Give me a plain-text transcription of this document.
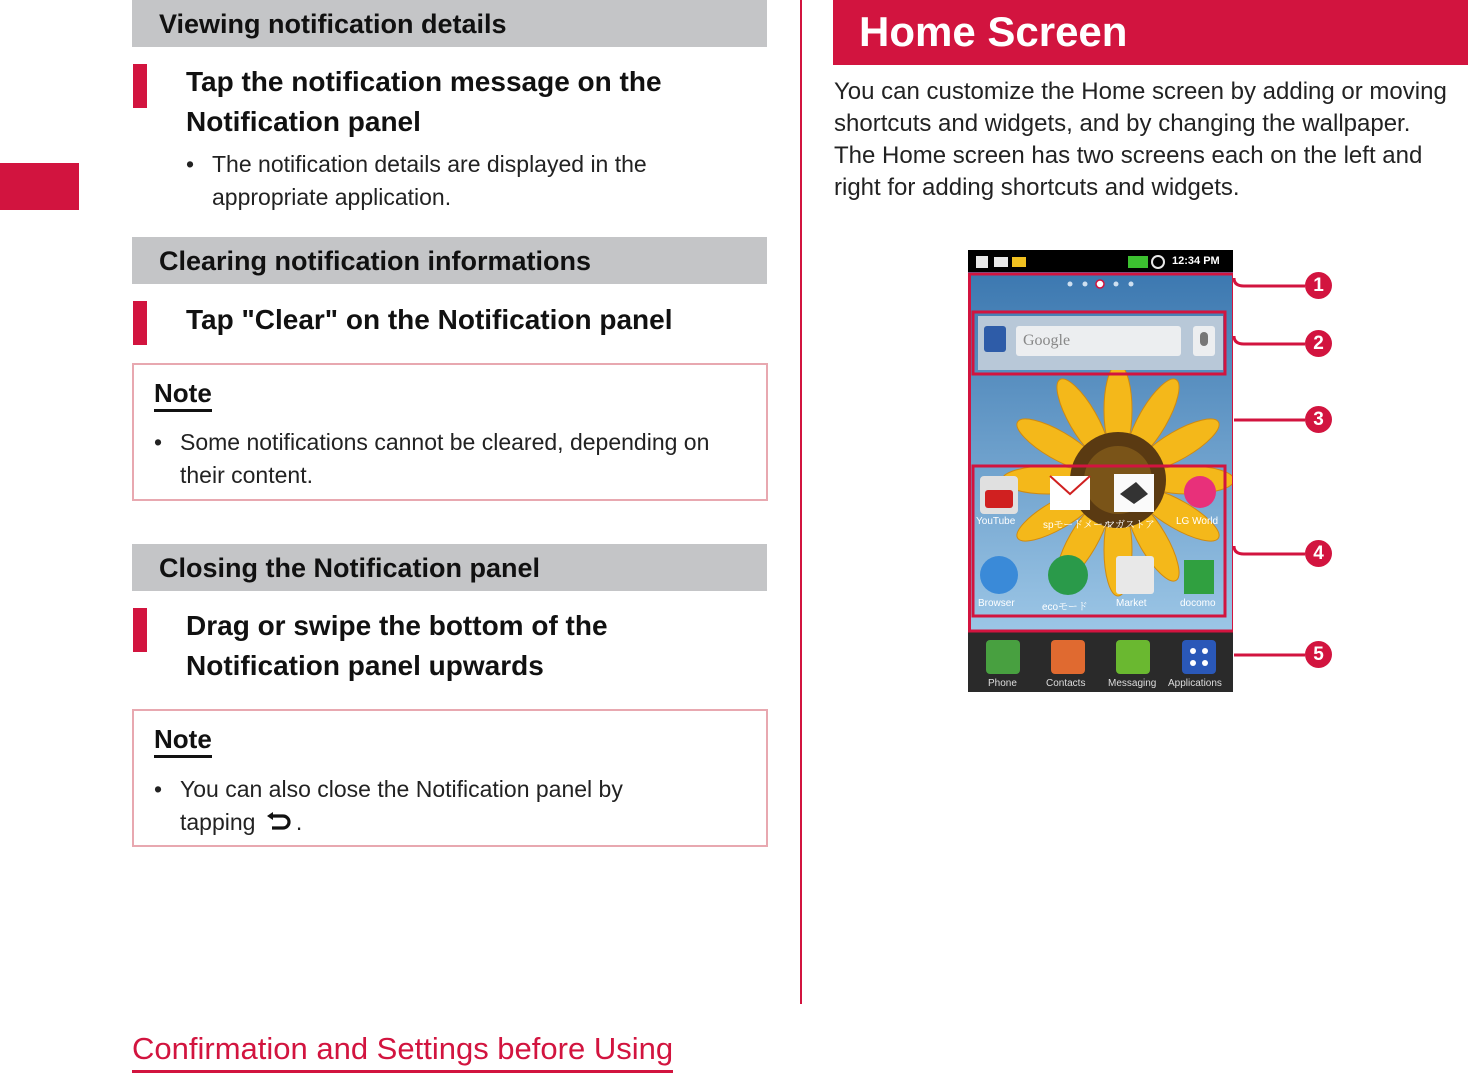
Viewing notification details
Tap the notification message on the Notification panel
• The notification details are displayed in the appropriate application.
Clearing notification informations
Tap "Clear" on the Notification panel
Note
• Some notifications cannot be cleared, depending on their content.
Closing the Notification panel
Drag or swipe the bottom of the Notification panel upwards
Note
• You can also close the Notification panel by tapping .
Confirmation and Settings before Using
Home Screen
You can customize the Home screen by adding or moving shortcuts and widgets, and by changing the wallpaper.
The Home screen has two screens each on the left and right for adding shortcuts and widgets.
12:34 PM
Google
YouTube	spモードメール
マガストア LG World
Browser	ecoモード	Market	docomo
Phone	Contacts Messaging Applications
1
2
3
4
5
